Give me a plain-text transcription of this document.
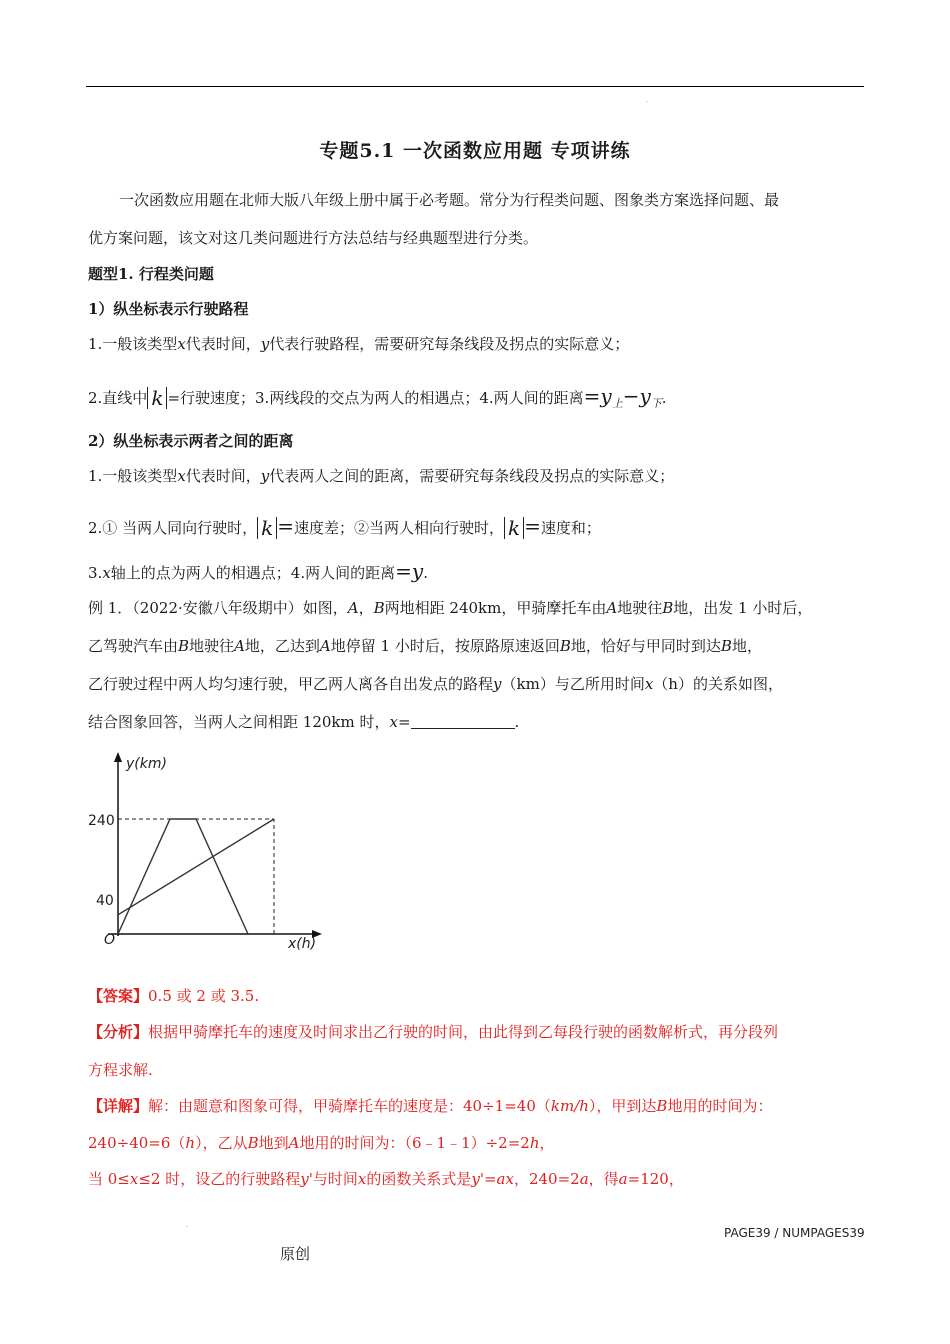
.
专题5.1 一次函数应用题 专项讲练
一次函数应用题在北师大版八年级上册中属于必考题。常分为行程类问题、图象类方案选择问题、最
优方案问题，该文对这几类问题进行方法总结与经典题型进行分类。
题型1. 行程类问题
1）纵坐标表示行驶路程
1.一般该类型x代表时间，y代表行驶路程，需要研究每条线段及拐点的实际意义；
2.直线中 k =行驶速度；3.两线段的交点为两人的相遇点；4.两人间的距离$=y_上-y_下$.
2）纵坐标表示两者之间的距离
1.一般该类型x代表时间，y代表两人之间的距离，需要研究每条线段及拐点的实际意义；
2.① 当两人同向行驶时， k =速度差；②当两人相向行驶时， k =速度和；
3.x轴上的点为两人的相遇点；4.两人间的距离=y.
例 1．（2022·安徽八年级期中）如图，A，B两地相距 240km，甲骑摩托车由A地驶往B地，出发 1 小时后，
乙驾驶汽车由B地驶往A地，乙达到A地停留 1 小时后，按原路原速返回B地，恰好与甲同时到达B地，
乙行驶过程中两人均匀速行驶，甲乙两人离各自出发点的路程y（km）与乙所用时间x（h）的关系如图，
结合图象回答，当两人之间相距 120km 时，x=	.
y(km)
x(h)
O
240
40
【答案】0.5 或 2 或 3.5.
【分析】根据甲骑摩托车的速度及时间求出乙行驶的时间，由此得到乙每段行驶的函数解析式，再分段列
方程求解.
【详解】解：由题意和图象可得，甲骑摩托车的速度是：40÷1=40（km/h），甲到达B地用的时间为：
240÷40=6（h），乙从B地到A地用的时间为：（6﹣1﹣1）÷2=2h，
当 0≤x≤2 时，设乙的行驶路程y'与时间x的函数关系式是y'=ax，240=2a，得a=120，
.
PAGE39 / NUMPAGES39
原创
